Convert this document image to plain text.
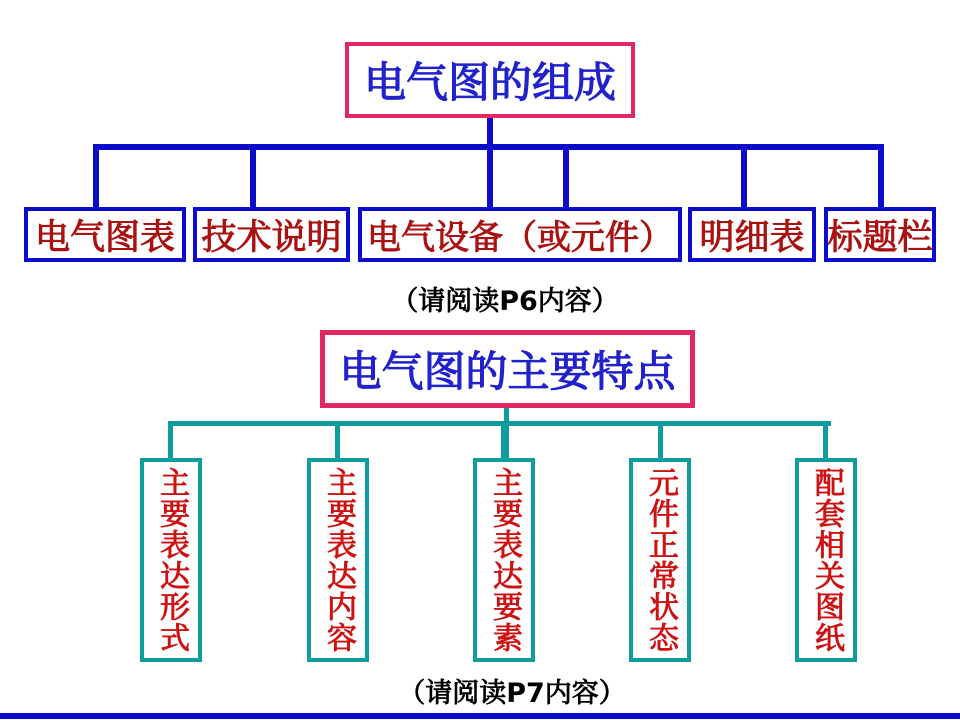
电气图的组成
电气图表 技术说明 电气设备（或元件） 明细表 标题栏
（请阅读P6内容）
电气图的主要特点
主要表达形式	主要表达内容	主要表达要素	元件正常状态	配套相关图纸
（请阅读P7内容）
